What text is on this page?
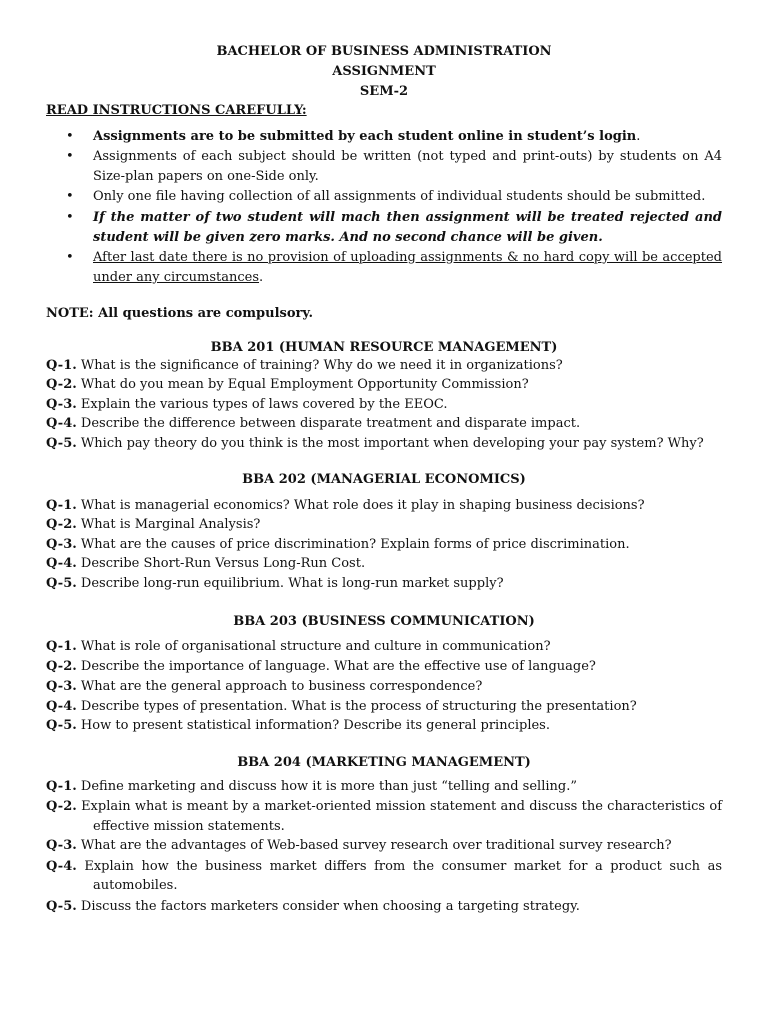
BACHELOR OF BUSINESS ADMINISTRATION
ASSIGNMENT
SEM-2
READ INSTRUCTIONS CAREFULLY:
• Assignments are to be submitted by each student online in student’s login.
• Assignments of each subject should be written (not typed and print-outs) by students on A4
Size-plan papers on one-Side only.
• Only one file having collection of all assignments of individual students should be submitted.
• If the matter of two student will mach then assignment will be treated rejected and
student will be given zero marks. And no second chance will be given.
• After last date there is no provision of uploading assignments & no hard copy will be accepted
under any circumstances.
NOTE: All questions are compulsory.
BBA 201 (HUMAN RESOURCE MANAGEMENT)
Q-1. What is the significance of training? Why do we need it in organizations?
Q-2. What do you mean by Equal Employment Opportunity Commission?
Q-3. Explain the various types of laws covered by the EEOC.
Q-4. Describe the difference between disparate treatment and disparate impact.
Q-5. Which pay theory do you think is the most important when developing your pay system? Why?
BBA 202 (MANAGERIAL ECONOMICS)
Q-1. What is managerial economics? What role does it play in shaping business decisions?
Q-2. What is Marginal Analysis?
Q-3. What are the causes of price discrimination? Explain forms of price discrimination.
Q-4. Describe Short-Run Versus Long-Run Cost.
Q-5. Describe long-run equilibrium. What is long-run market supply?
BBA 203 (BUSINESS COMMUNICATION)
Q-1. What is role of organisational structure and culture in communication?
Q-2. Describe the importance of language. What are the effective use of language?
Q-3. What are the general approach to business correspondence?
Q-4. Describe types of presentation. What is the process of structuring the presentation?
Q-5. How to present statistical information? Describe its general principles.
BBA 204 (MARKETING MANAGEMENT)
Q-1. Define marketing and discuss how it is more than just “telling and selling.”
Q-2. Explain what is meant by a market-oriented mission statement and discuss the characteristics of
effective mission statements.
Q-3. What are the advantages of Web-based survey research over traditional survey research?
Q-4. Explain how the business market differs from the consumer market for a product such as
automobiles.
Q-5. Discuss the factors marketers consider when choosing a targeting strategy.
